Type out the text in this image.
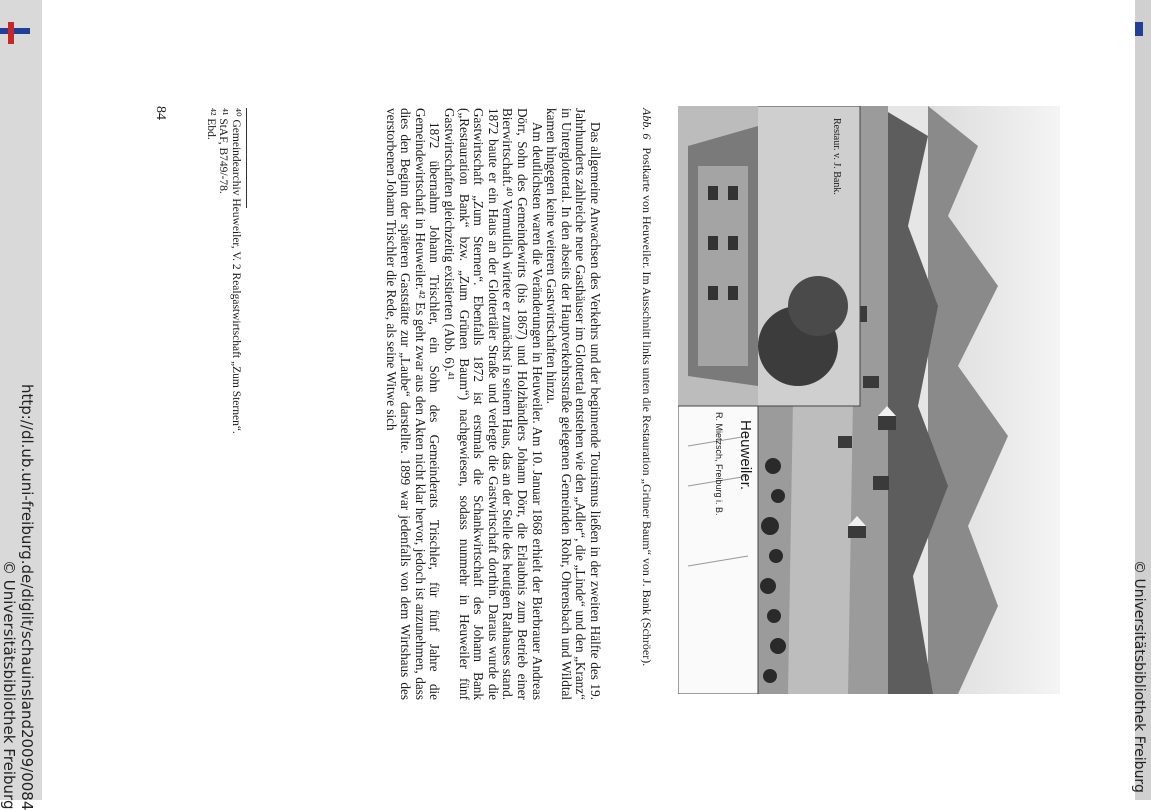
http://dl.ub.uni-freiburg.de/diglit/schauinsland2009/0084
© Universitätsbibliothek Freiburg	© Universitätsbibliothek Freiburg
Heuweiler.
R. Mietzsch, Freiburg i. B.
Restaur. v. J. Bank.
Abb. 6Postkarte von Heuweiler. Im Ausschnitt links unten die Restauration „Grüner Baum“ von J. Bank (Schröer).

Das allgemeine Anwachsen des Verkehrs und der beginnende Tourismus ließen in der zweiten Hälfte des 19. Jahrhunderts zahlreiche neue Gasthäuser im Glottertal entstehen wie den „Adler“, die „Linde“ und den „Kranz“ in Unterglottertal. In den abseits der Hauptverkehrsstraße gelegenen Gemeinden Rohr, Ohrensbach und Wildtal kamen hingegen keine weiteren Gastwirtschaften hinzu.

Am deutlichsten waren die Veränderungen in Heuweiler. Am 10. Januar 1868 erhielt der Bierbrauer Andreas Dörr, Sohn des Gemeindewirts (bis 1867) und Holzhändlers Johann Dörr, die Erlaubnis zum Betrieb einer Bierwirtschaft.⁴⁰ Vermutlich wirtete er zunächst in seinem Haus, das an der Stelle des heutigen Rathauses stand. 1872 baute er ein Haus an der Glottertäler Straße und verlegte die Gastwirtschaft dorthin. Daraus wurde die Gastwirtschaft „Zum Sternen“. Ebenfalls 1872 ist erstmals die Schankwirtschaft des Johann Bank („Restauration Bank“ bzw. „Zum Grünen Baum“) nachgewiesen, sodass nunmehr in Heuweiler fünf Gastwirtschaften gleichzeitig existierten (Abb. 6).⁴¹

1872 übernahm Johann Trischler, ein Sohn des Gemeinderats Trischler, für fünf Jahre die Gemeindewirtschaft in Heuweiler.⁴² Es geht zwar aus den Akten nicht klar hervor, jedoch ist anzunehmen, dass dies den Beginn der späteren Gaststätte zur „Laube“ darstellte. 1899 war jedenfalls von dem Wirtshaus des verstorbenen Johann Trischler die Rede, als seine Witwe sich

⁴⁰ Gemeindearchiv Heuweiler, V. 2 Realgastwirtschaft „Zum Sternen“.
⁴¹ StAF, B749/-78.
⁴² Ebd.
84
